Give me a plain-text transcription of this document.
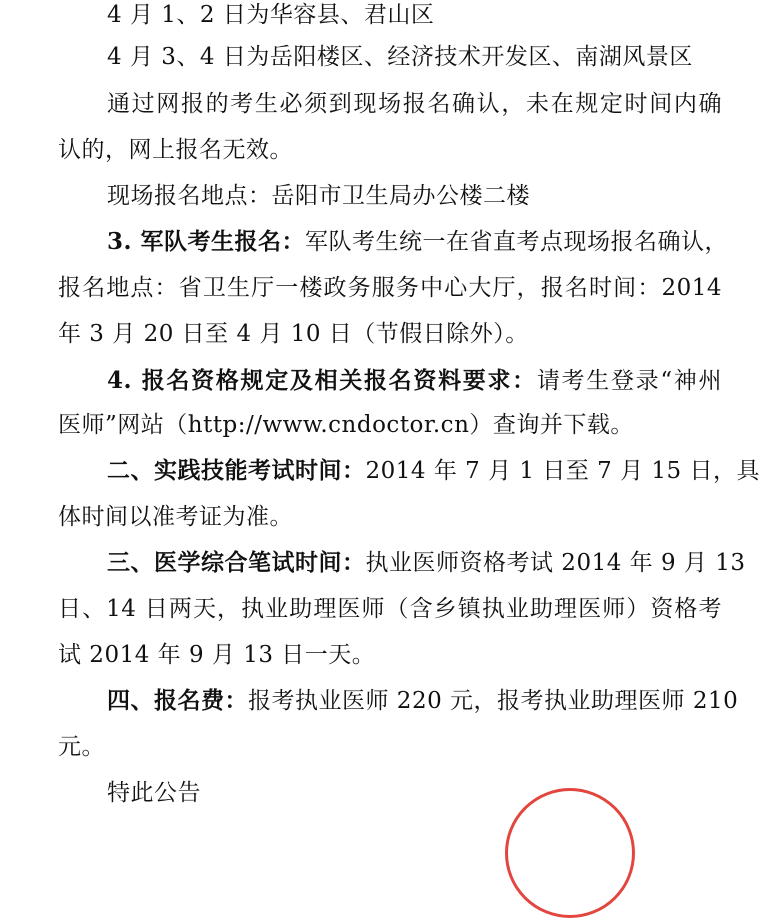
4 月 1、2 日为华容县、君山区
4 月 3、4 日为岳阳楼区、经济技术开发区、南湖风景区
通过网报的考生必须到现场报名确认，未在规定时间内确
认的，网上报名无效。
现场报名地点：岳阳市卫生局办公楼二楼
3. 军队考生报名：军队考生统一在省直考点现场报名确认，
报名地点：省卫生厅一楼政务服务中心大厅，报名时间：2014
年 3 月 20 日至 4 月 10 日（节假日除外）。
4. 报名资格规定及相关报名资料要求：请考生登录“神州
医师”网站（http://www.cndoctor.cn）查询并下载。
二、实践技能考试时间：2014 年 7 月 1 日至 7 月 15 日，具
体时间以准考证为准。
三、医学综合笔试时间：执业医师资格考试 2014 年 9 月 13
日、14 日两天，执业助理医师（含乡镇执业助理医师）资格考
试 2014 年 9 月 13 日一天。
四、报名费：报考执业医师 220 元，报考执业助理医师 210
元。
特此公告
